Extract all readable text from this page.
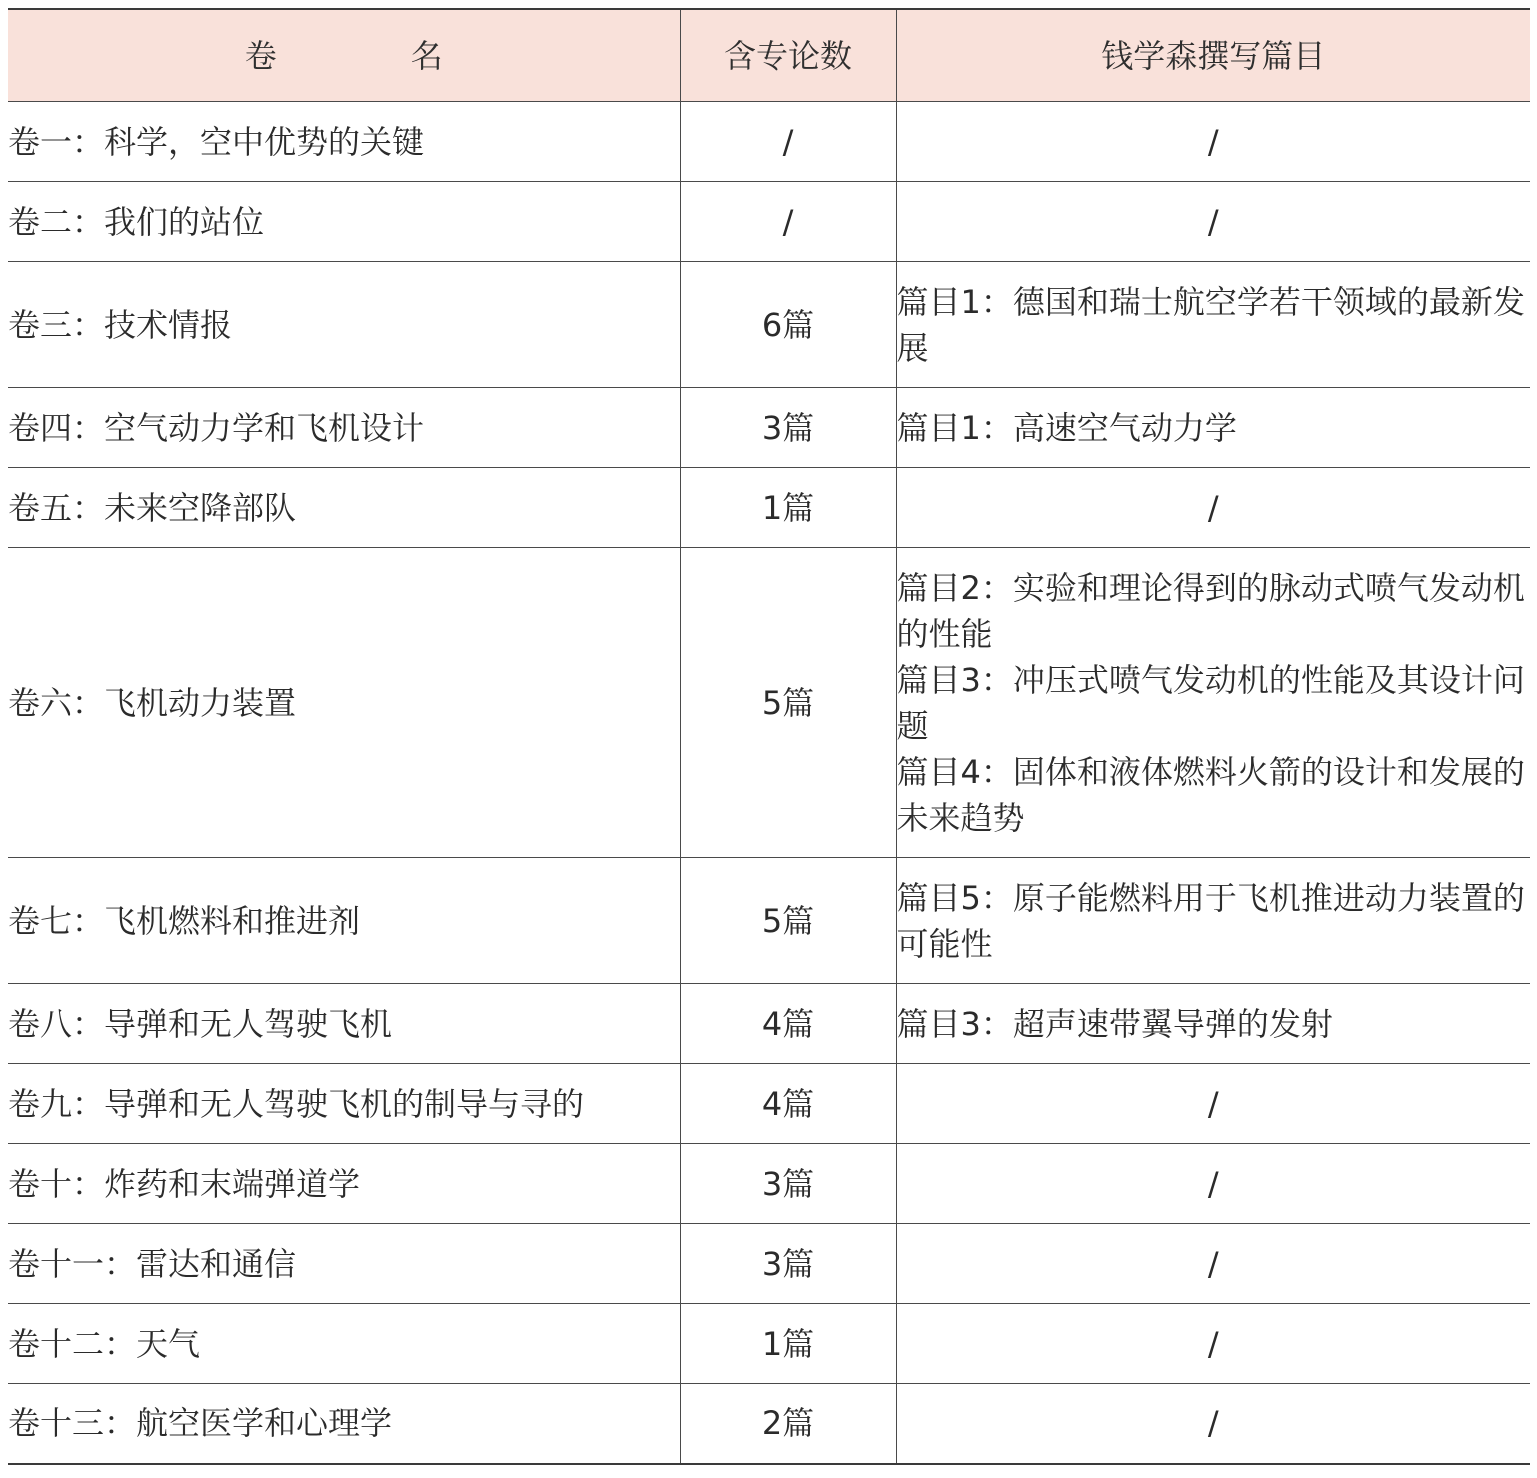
卷 名	含专论数	钱学森撰写篇目
卷一：科学，空中优势的关键	/	/

卷二：我们的站位	/	/

卷三：技术情报	6篇	篇目1：德国和瑞士航空学若干领域的最新发展

卷四：空气动力学和飞机设计	3篇	篇目1：高速空气动力学

卷五：未来空降部队	1篇	/

卷六：飞机动力装置	5篇	篇目2：实验和理论得到的脉动式喷气发动机的性能
篇目3：冲压式喷气发动机的性能及其设计问题
篇目4：固体和液体燃料火箭的设计和发展的未来趋势

卷七：飞机燃料和推进剂	5篇	篇目5：原子能燃料用于飞机推进动力装置的可能性

卷八：导弹和无人驾驶飞机	4篇	篇目3：超声速带翼导弹的发射

卷九：导弹和无人驾驶飞机的制导与寻的	4篇	/

卷十：炸药和末端弹道学	3篇	/

卷十一：雷达和通信	3篇	/

卷十二：天气	1篇	/

卷十三：航空医学和心理学	2篇	/
